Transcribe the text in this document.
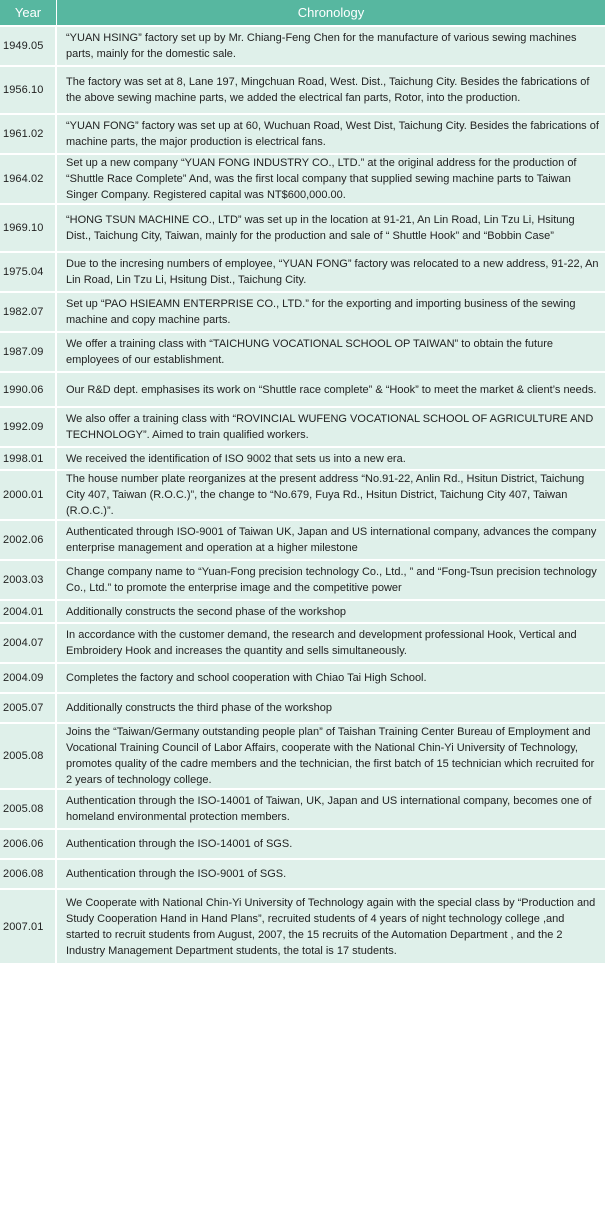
Year	Chronology
1949.05	“YUAN HSING” factory set up by Mr. Chiang-Feng Chen for the manufacture of various sewing machines parts, mainly for the domestic sale.
1956.10	The factory was set at 8, Lane 197, Mingchuan Road, West. Dist., Taichung City. Besides the fabrications of the above sewing machine parts, we added the electrical fan parts, Rotor, into the production.
1961.02	“YUAN FONG” factory was set up at 60, Wuchuan Road, West Dist, Taichung City. Besides the fabrications of machine parts, the major production is electrical fans.
1964.02	Set up a new company “YUAN FONG INDUSTRY CO., LTD.” at the original address for the production of “Shuttle Race Complete” And, was the first local company that supplied sewing machine parts to Taiwan Singer Company. Registered capital was NT$600,000.00.
1969.10	“HONG TSUN MACHINE CO., LTD” was set up in the location at 91-21, An Lin Road, Lin Tzu Li, Hsitung Dist., Taichung City, Taiwan, mainly for the production and sale of “ Shuttle Hook” and “Bobbin Case”
1975.04	Due to the incresing numbers of employee, “YUAN FONG” factory was relocated to a new address, 91-22, An Lin Road, Lin Tzu Li, Hsitung Dist., Taichung City.
1982.07	Set up “PAO HSIEAMN ENTERPRISE CO., LTD.” for the exporting and importing business of the sewing machine and copy machine parts.
1987.09	We offer a training class with “TAICHUNG VOCATIONAL SCHOOL OP TAIWAN” to obtain the future employees of our establishment.
1990.06	Our R&D dept. emphasises its work on “Shuttle race complete” & “Hook” to meet the market & client’s needs.
1992.09	We also offer a training class with “ROVINCIAL WUFENG VOCATIONAL SCHOOL OF AGRICULTURE AND TECHNOLOGY”. Aimed to train qualified workers.
1998.01	We received the identification of ISO 9002 that sets us into a new era.
2000.01	The house number plate reorganizes at the present address “No.91-22, Anlin Rd., Hsitun District, Taichung City 407, Taiwan (R.O.C.)”, the change to “No.679, Fuya Rd., Hsitun District, Taichung City 407, Taiwan (R.O.C.)”.
2002.06	Authenticated through ISO-9001 of Taiwan UK, Japan and US international company, advances the company enterprise management and operation at a higher milestone
2003.03	Change company name to “Yuan-Fong precision technology Co., Ltd., ” and “Fong-Tsun precision technology Co., Ltd.” to promote the enterprise image and the competitive power
2004.01	Additionally constructs the second phase of the workshop
2004.07	In accordance with the customer demand, the research and development professional Hook, Vertical and Embroidery Hook and increases the quantity and sells simultaneously.
2004.09	Completes the factory and school cooperation with Chiao Tai High School.
2005.07	Additionally constructs the third phase of the workshop
2005.08	Joins the “Taiwan/Germany outstanding people plan” of Taishan Training Center Bureau of Employment and Vocational Training Council of Labor Affairs, cooperate with the National Chin-Yi University of Technology, promotes quality of the cadre members and the technician, the first batch of 15 technician which recruited for 2 years of technology college.
2005.08	Authentication through the ISO-14001 of Taiwan, UK, Japan and US international company, becomes one of homeland environmental protection members.
2006.06	Authentication through the ISO-14001 of SGS.
2006.08	Authentication through the ISO-9001 of SGS.
2007.01	We Cooperate with National Chin-Yi University of Technology again with the special class by “Production and Study Cooperation Hand in Hand Plans”, recruited students of 4 years of night technology college ,and started to recruit students from August, 2007, the 15 recruits of the Automation Department , and the 2 Industry Management Department students, the total is 17 students.
